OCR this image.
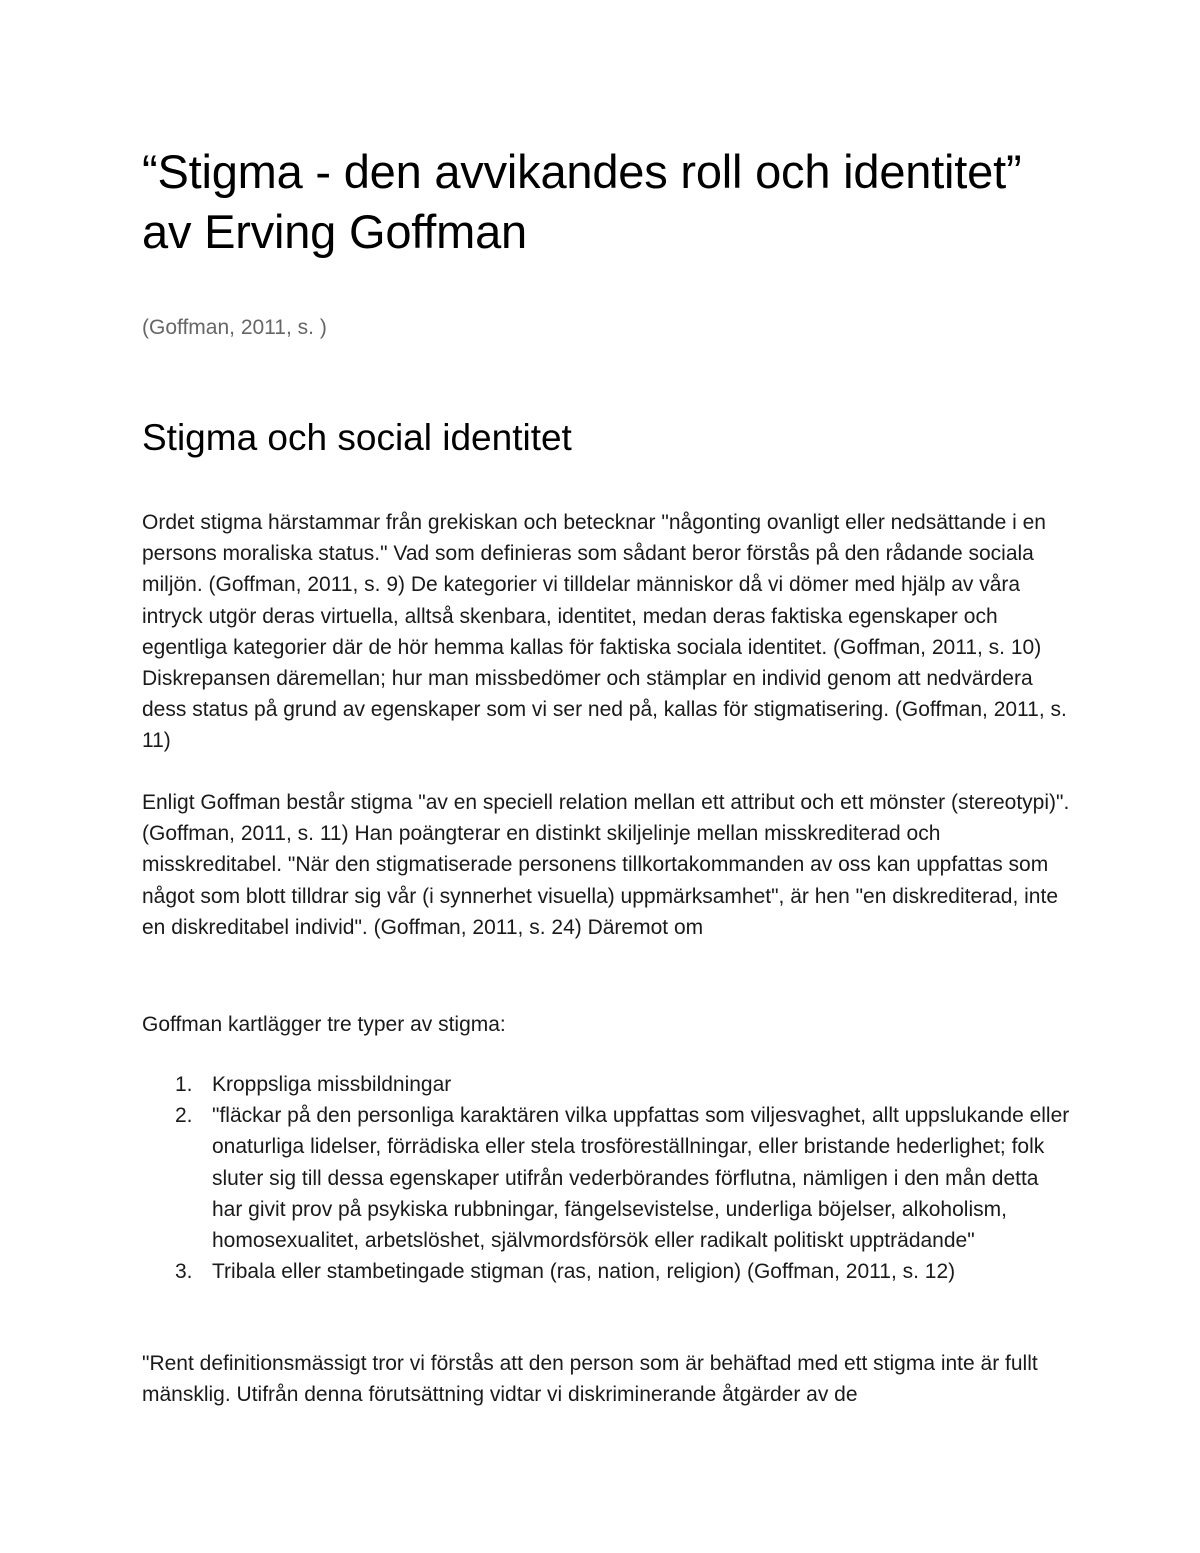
“Stigma - den avvikandes roll och identitet” av Erving Goffman

(Goffman, 2011, s. )

Stigma och social identitet

Ordet stigma härstammar från grekiskan och betecknar "någonting ovanligt eller nedsättande i en persons moraliska status." Vad som definieras som sådant beror förstås på den rådande sociala miljön. (Goffman, 2011, s. 9) De kategorier vi tilldelar människor då vi dömer med hjälp av våra intryck utgör deras virtuella, alltså skenbara, identitet, medan deras faktiska egenskaper och egentliga kategorier där de hör hemma kallas för faktiska sociala identitet. (Goffman, 2011, s. 10) Diskrepansen däremellan; hur man missbedömer och stämplar en individ genom att nedvärdera dess status på grund av egenskaper som vi ser ned på, kallas för stigmatisering. (Goffman, 2011, s. 11)

Enligt Goffman består stigma "av en speciell relation mellan ett attribut och ett mönster (stereotypi)". (Goffman, 2011, s. 11) Han poängterar en distinkt skiljelinje mellan misskrediterad och misskreditabel. "När den stigmatiserade personens tillkortakommanden av oss kan uppfattas som något som blott tilldrar sig vår (i synnerhet visuella) uppmärksamhet", är hen "en diskrediterad, inte en diskreditabel individ". (Goffman, 2011, s. 24) Däremot om

Goffman kartlägger tre typer av stigma:

1. Kroppsliga missbildningar
2. "fläckar på den personliga karaktären vilka uppfattas som viljesvaghet, allt uppslukande eller onaturliga lidelser, förrädiska eller stela trosföreställningar, eller bristande hederlighet; folk sluter sig till dessa egenskaper utifrån vederbörandes förflutna, nämligen i den mån detta har givit prov på psykiska rubbningar, fängelsevistelse, underliga böjelser, alkoholism, homosexualitet, arbetslöshet, självmordsförsök eller radikalt politiskt uppträdande"
3. Tribala eller stambetingade stigman (ras, nation, religion) (Goffman, 2011, s. 12)

"Rent definitionsmässigt tror vi förstås att den person som är behäftad med ett stigma inte är fullt mänsklig. Utifrån denna förutsättning vidtar vi diskriminerande åtgärder av de
